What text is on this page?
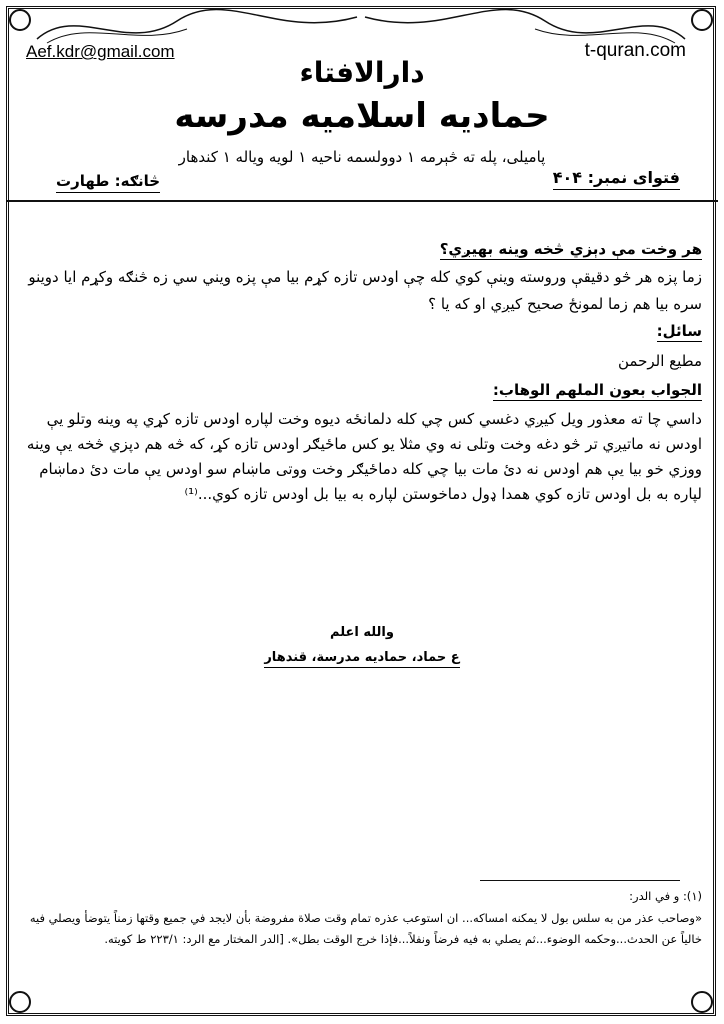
Aef.kdr@gmail.com	t-quran.com
دارالافتاء
حمادیه اسلامیه مدرسه
پامیلی، پله ته څېرمه ۱ دوولسمه ناحیه ۱ لویه ویاله ۱ کندهار
فتوای نمبر: ۴۰۴
څانګه: طهارت
هر وخت مې دېزي څخه وينه بهيږي؟
زما پزه هر څو دقيقې وروسته وينې کوي کله چې اودس تازه کړم بيا مې پزه ويني سي زه څنګه وکړم ايا دوينو سره بيا هم زما لمونځ صحيح کيږي او که يا ؟
سائل:
مطيع الرحمن
الجواب بعون الملهم الوهاب:
داسي چا ته معذور ويل کيږي دغسي کس چي کله دلمانځه ديوه وخت لپاره اودس تازه کړي په وينه وتلو يې اودس نه ماتيږي تر څو دغه وخت وتلی نه وي مثلا يو کس ماځيګر اودس تازه کړ، که څه هم دپزي څخه يې وينه ووزي خو بيا يې هم اودس نه دئ مات بيا چي کله دماځيګر وخت ووتی ماښام سو اودس يې مات دئ دماښام لپاره به بل اودس تازه کوي همدا ډول دماخوستن لپاره به بيا بل اودس تازه کوي...⁽¹⁾
والله اعلم
ع حماد، حماديه مدرسة، قندهار
(۱): و في الدر:
«وصاحب عذر من به سلس بول لا يمكنه امساكه... ان استوعب عذره تمام وقت صلاة مفروضة بأن لايجد في جميع وقتها زمناً يتوضأ ويصلي فيه خالياً عن الحدث...وحكمه الوضوء...ثم يصلي به فيه فرضاً ونفلاً...فإذا خرج الوقت بطل». [الدر المختار مع الرد: ۲۲۳/۱ ط کويته.
